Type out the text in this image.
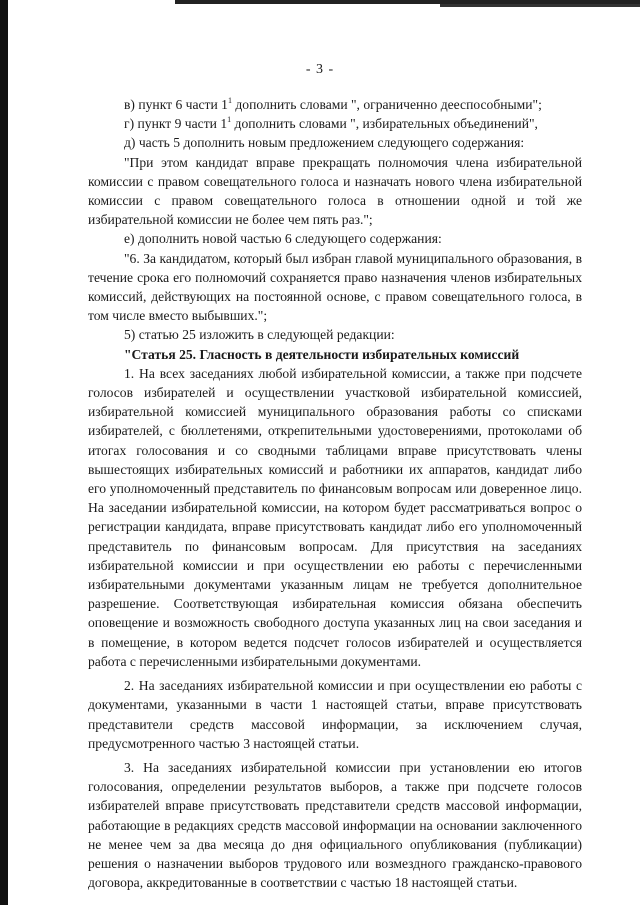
- 3 -

в) пункт 6 части $1^1$ дополнить словами ", ограниченно дееспособными";

г) пункт 9 части $1^1$ дополнить словами ", избирательных объединений",

д) часть 5 дополнить новым предложением следующего содержания:

"При этом кандидат вправе прекращать полномочия члена избирательной комиссии с правом совещательного голоса и назначать нового члена избирательной комиссии с правом совещательного голоса в отношении одной и той же избирательной комиссии не более чем пять раз.";

е) дополнить новой частью 6 следующего содержания:

"6. За кандидатом, который был избран главой муниципального образования, в течение срока его полномочий сохраняется право назначения членов избирательных комиссий, действующих на постоянной основе, с правом совещательного голоса, в том числе вместо выбывших.";

5) статью 25 изложить в следующей редакции:

"Статья 25. Гласность в деятельности избирательных комиссий

1. На всех заседаниях любой избирательной комиссии, а также при подсчете голосов избирателей и осуществлении участковой избирательной комиссией, избирательной комиссией муниципального образования работы со списками избирателей, с бюллетенями, открепительными удостоверениями, протоколами об итогах голосования и со сводными таблицами вправе присутствовать члены вышестоящих избирательных комиссий и работники их аппаратов, кандидат либо его уполномоченный представитель по финансовым вопросам или доверенное лицо. На заседании избирательной комиссии, на котором будет рассматриваться вопрос о регистрации кандидата, вправе присутствовать кандидат либо его уполномоченный представитель по финансовым вопросам. Для присутствия на заседаниях избирательной комиссии и при осуществлении ею работы с перечисленными избирательными документами указанным лицам не требуется дополнительное разрешение. Соответствующая избирательная комиссия обязана обеспечить оповещение и возможность свободного доступа указанных лиц на свои заседания и в помещение, в котором ведется подсчет голосов избирателей и осуществляется работа с перечисленными избирательными документами.

2. На заседаниях избирательной комиссии и при осуществлении ею работы с документами, указанными в части 1 настоящей статьи, вправе присутствовать представители средств массовой информации, за исключением случая, предусмотренного частью 3 настоящей статьи.

3. На заседаниях избирательной комиссии при установлении ею итогов голосования, определении результатов выборов, а также при подсчете голосов избирателей вправе присутствовать представители средств массовой информации, работающие в редакциях средств массовой информации на основании заключенного не менее чем за два месяца до дня официального опубликования (публикации) решения о назначении выборов трудового или возмездного гражданско-правового договора, аккредитованные в соответствии с частью 18 настоящей статьи.
